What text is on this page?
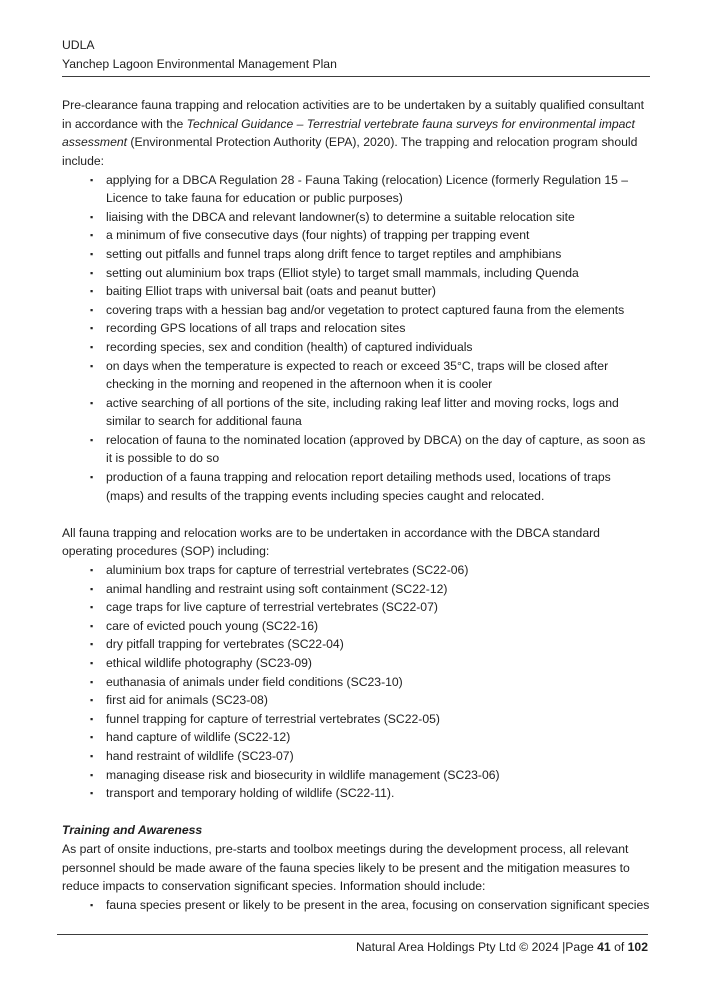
UDLA
Yanchep Lagoon Environmental Management Plan

Pre-clearance fauna trapping and relocation activities are to be undertaken by a suitably qualified consultant in accordance with the Technical Guidance – Terrestrial vertebrate fauna surveys for environmental impact assessment (Environmental Protection Authority (EPA), 2020). The trapping and relocation program should include:

▪	applying for a DBCA Regulation 28 - Fauna Taking (relocation) Licence (formerly Regulation 15 – Licence to take fauna for education or public purposes)
▪	liaising with the DBCA and relevant landowner(s) to determine a suitable relocation site
▪	a minimum of five consecutive days (four nights) of trapping per trapping event
▪	setting out pitfalls and funnel traps along drift fence to target reptiles and amphibians
▪	setting out aluminium box traps (Elliot style) to target small mammals, including Quenda
▪	baiting Elliot traps with universal bait (oats and peanut butter)
▪	covering traps with a hessian bag and/or vegetation to protect captured fauna from the elements
▪	recording GPS locations of all traps and relocation sites
▪	recording species, sex and condition (health) of captured individuals
▪	on days when the temperature is expected to reach or exceed 35°C, traps will be closed after checking in the morning and reopened in the afternoon when it is cooler
▪	active searching of all portions of the site, including raking leaf litter and moving rocks, logs and similar to search for additional fauna
▪	relocation of fauna to the nominated location (approved by DBCA) on the day of capture, as soon as it is possible to do so
▪	production of a fauna trapping and relocation report detailing methods used, locations of traps (maps) and results of the trapping events including species caught and relocated.

All fauna trapping and relocation works are to be undertaken in accordance with the DBCA standard operating procedures (SOP) including:

▪	aluminium box traps for capture of terrestrial vertebrates (SC22-06)
▪	animal handling and restraint using soft containment (SC22-12)
▪	cage traps for live capture of terrestrial vertebrates (SC22-07)
▪	care of evicted pouch young (SC22-16)
▪	dry pitfall trapping for vertebrates (SC22-04)
▪	ethical wildlife photography (SC23-09)
▪	euthanasia of animals under field conditions (SC23-10)
▪	first aid for animals (SC23-08)
▪	funnel trapping for capture of terrestrial vertebrates (SC22-05)
▪	hand capture of wildlife (SC22-12)
▪	hand restraint of wildlife (SC23-07)
▪	managing disease risk and biosecurity in wildlife management (SC23-06)
▪	transport and temporary holding of wildlife (SC22-11).
Training and Awareness

As part of onsite inductions, pre-starts and toolbox meetings during the development process, all relevant personnel should be made aware of the fauna species likely to be present and the mitigation measures to reduce impacts to conservation significant species. Information should include:

▪	fauna species present or likely to be present in the area, focusing on conservation significant species
Natural Area Holdings Pty Ltd © 2024 |Page 41 of 102
